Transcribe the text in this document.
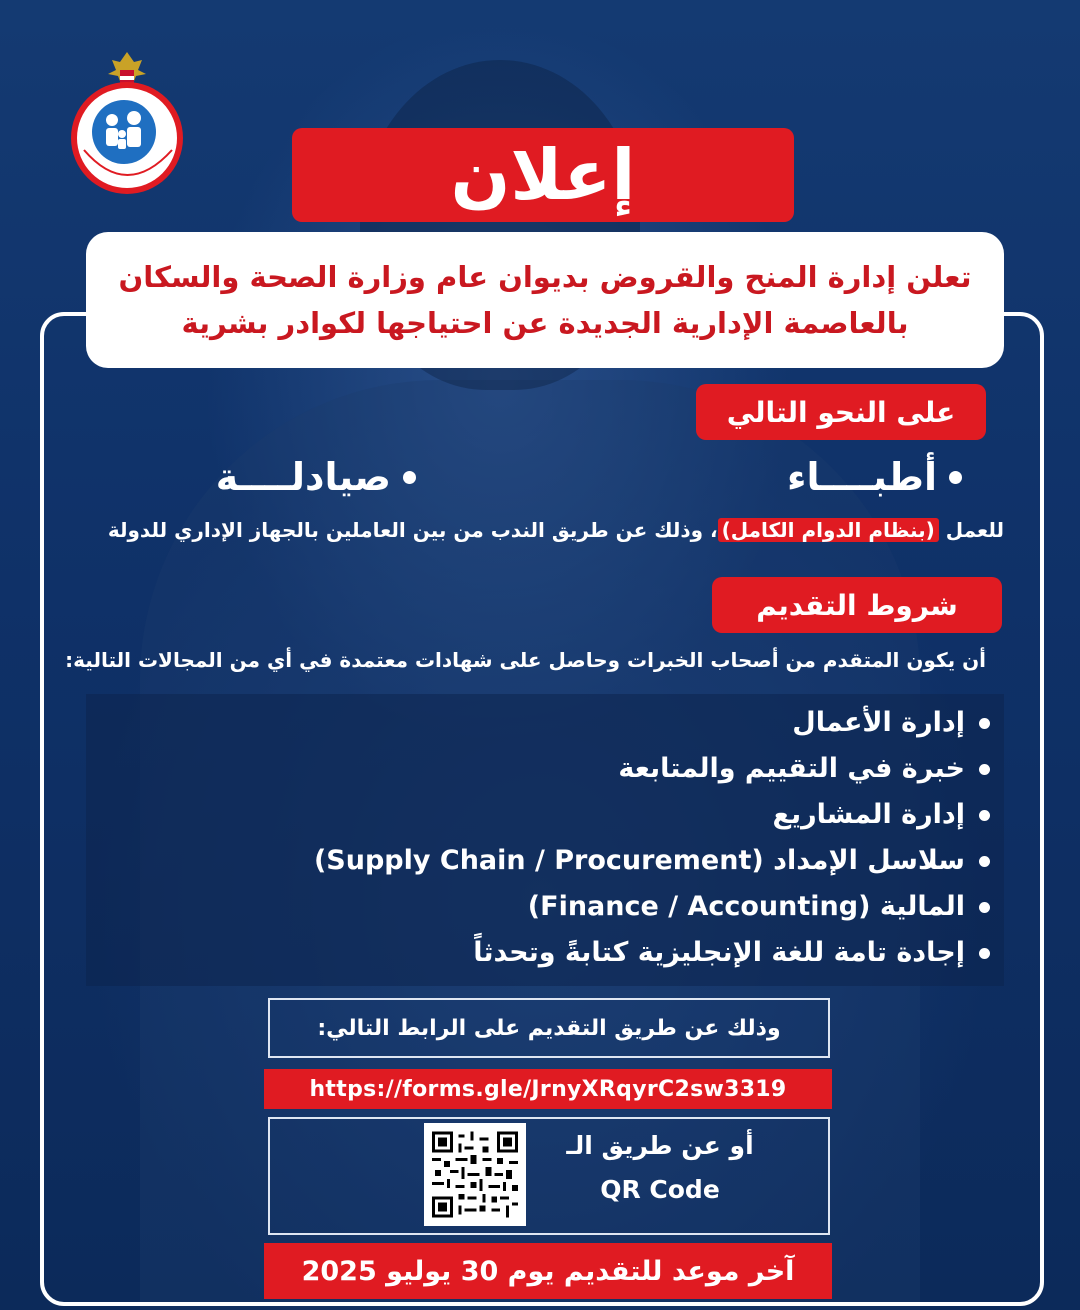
إعلان
تعلن إدارة المنح والقروض بديوان عام وزارة الصحة والسكان
بالعاصمة الإدارية الجديدة عن احتياجها لكوادر بشرية
على النحو التالي
أطبــــاء
صيادلــــة
للعمل (بنظام الدوام الكامل)، وذلك عن طريق الندب من بين العاملين بالجهاز الإداري للدولة
شروط التقديم
أن يكون المتقدم من أصحاب الخبرات وحاصل على شهادات معتمدة في أي من المجالات التالية:
إدارة الأعمال
خبرة في التقييم والمتابعة
إدارة المشاريع
سلاسل الإمداد (Supply Chain / Procurement)
المالية (Finance / Accounting)
إجادة تامة للغة الإنجليزية كتابةً وتحدثاً
وذلك عن طريق التقديم على الرابط التالي:
https://forms.gle/JrnyXRqyrC2sw3319
أو عن طريق الـ
QR Code
آخر موعد للتقديم يوم 30 يوليو 2025
